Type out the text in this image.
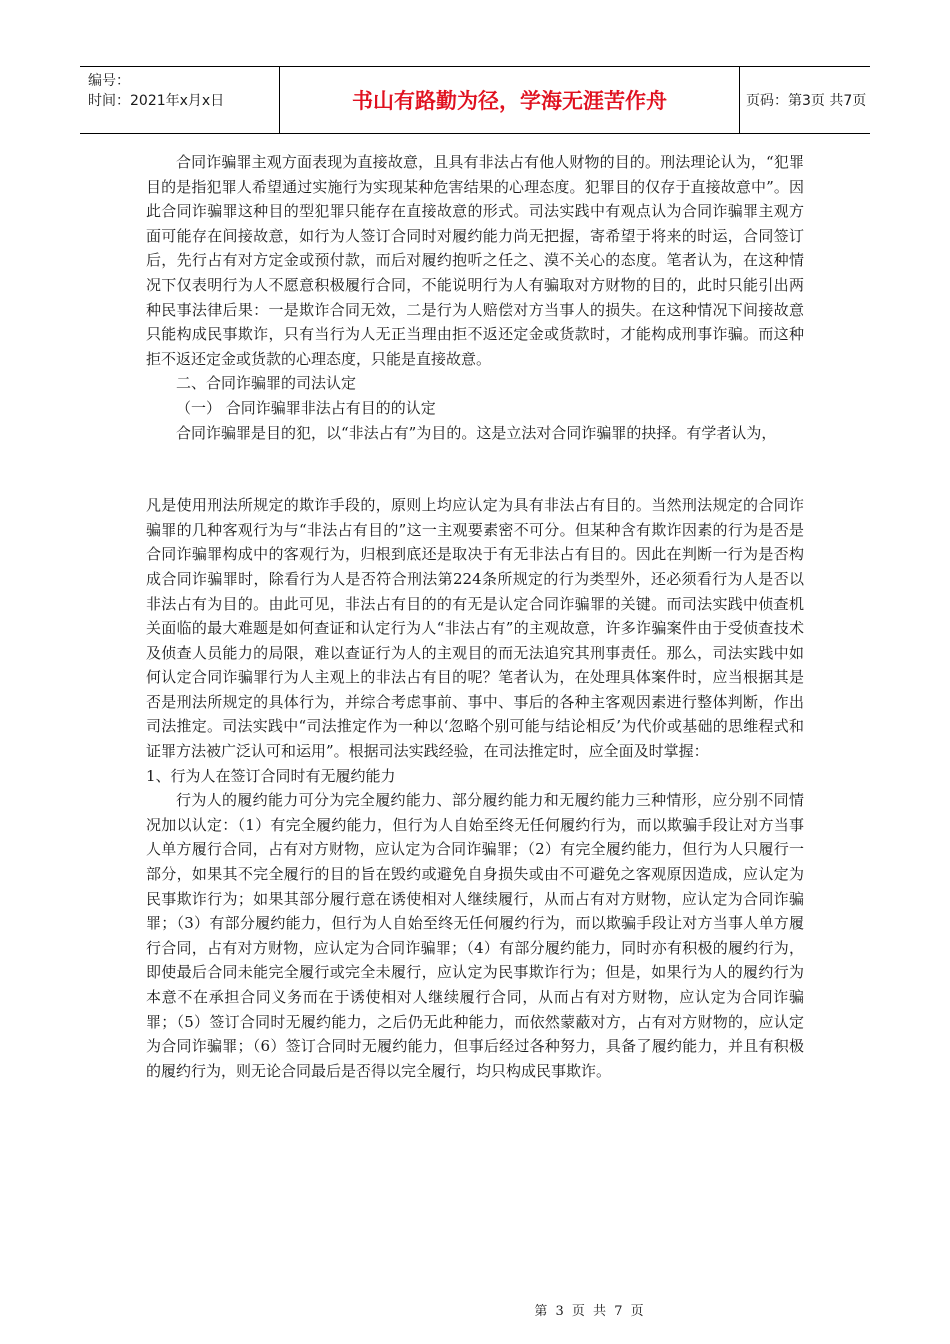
编号：
时间：2021年x月x日	书山有路勤为径，学海无涯苦作舟	页码：第3页 共7页

合同诈骗罪主观方面表现为直接故意，且具有非法占有他人财物的目的。刑法理论认为，“犯罪目的是指犯罪人希望通过实施行为实现某种危害结果的心理态度。犯罪目的仅存于直接故意中”。因此合同诈骗罪这种目的型犯罪只能存在直接故意的形式。司法实践中有观点认为合同诈骗罪主观方面可能存在间接故意，如行为人签订合同时对履约能力尚无把握，寄希望于将来的时运，合同签订后，先行占有对方定金或预付款，而后对履约抱听之任之、漠不关心的态度。笔者认为，在这种情况下仅表明行为人不愿意积极履行合同，不能说明行为人有骗取对方财物的目的，此时只能引出两种民事法律后果：一是欺诈合同无效，二是行为人赔偿对方当事人的损失。在这种情况下间接故意只能构成民事欺诈，只有当行为人无正当理由拒不返还定金或货款时，才能构成刑事诈骗。而这种拒不返还定金或货款的心理态度，只能是直接故意。

二、合同诈骗罪的司法认定

（一） 合同诈骗罪非法占有目的的认定

合同诈骗罪是目的犯，以“非法占有”为目的。这是立法对合同诈骗罪的抉择。有学者认为，

凡是使用刑法所规定的欺诈手段的，原则上均应认定为具有非法占有目的。当然刑法规定的合同诈骗罪的几种客观行为与“非法占有目的”这一主观要素密不可分。但某种含有欺诈因素的行为是否是合同诈骗罪构成中的客观行为，归根到底还是取决于有无非法占有目的。因此在判断一行为是否构成合同诈骗罪时，除看行为人是否符合刑法第224条所规定的行为类型外，还必须看行为人是否以非法占有为目的。由此可见，非法占有目的的有无是认定合同诈骗罪的关键。而司法实践中侦查机关面临的最大难题是如何查证和认定行为人“非法占有”的主观故意，许多诈骗案件由于受侦查技术及侦查人员能力的局限，难以查证行为人的主观目的而无法追究其刑事责任。那么，司法实践中如何认定合同诈骗罪行为人主观上的非法占有目的呢？笔者认为，在处理具体案件时，应当根据其是否是刑法所规定的具体行为，并综合考虑事前、事中、事后的各种主客观因素进行整体判断，作出司法推定。司法实践中“司法推定作为一种以‘忽略个别可能与结论相反’为代价或基础的思维程式和证罪方法被广泛认可和运用”。根据司法实践经验，在司法推定时，应全面及时掌握：

1、行为人在签订合同时有无履约能力

行为人的履约能力可分为完全履约能力、部分履约能力和无履约能力三种情形，应分别不同情况加以认定：（1）有完全履约能力，但行为人自始至终无任何履约行为，而以欺骗手段让对方当事人单方履行合同，占有对方财物，应认定为合同诈骗罪；（2）有完全履约能力，但行为人只履行一部分，如果其不完全履行的目的旨在毁约或避免自身损失或由不可避免之客观原因造成，应认定为民事欺诈行为；如果其部分履行意在诱使相对人继续履行，从而占有对方财物，应认定为合同诈骗罪；（3）有部分履约能力，但行为人自始至终无任何履约行为，而以欺骗手段让对方当事人单方履行合同，占有对方财物，应认定为合同诈骗罪；（4）有部分履约能力，同时亦有积极的履约行为，即使最后合同未能完全履行或完全未履行，应认定为民事欺诈行为；但是，如果行为人的履约行为本意不在承担合同义务而在于诱使相对人继续履行合同，从而占有对方财物，应认定为合同诈骗罪；（5）签订合同时无履约能力，之后仍无此种能力，而依然蒙蔽对方，占有对方财物的，应认定为合同诈骗罪；（6）签订合同时无履约能力，但事后经过各种努力，具备了履约能力，并且有积极的履约行为，则无论合同最后是否得以完全履行，均只构成民事欺诈。

第 3 页 共 7 页
